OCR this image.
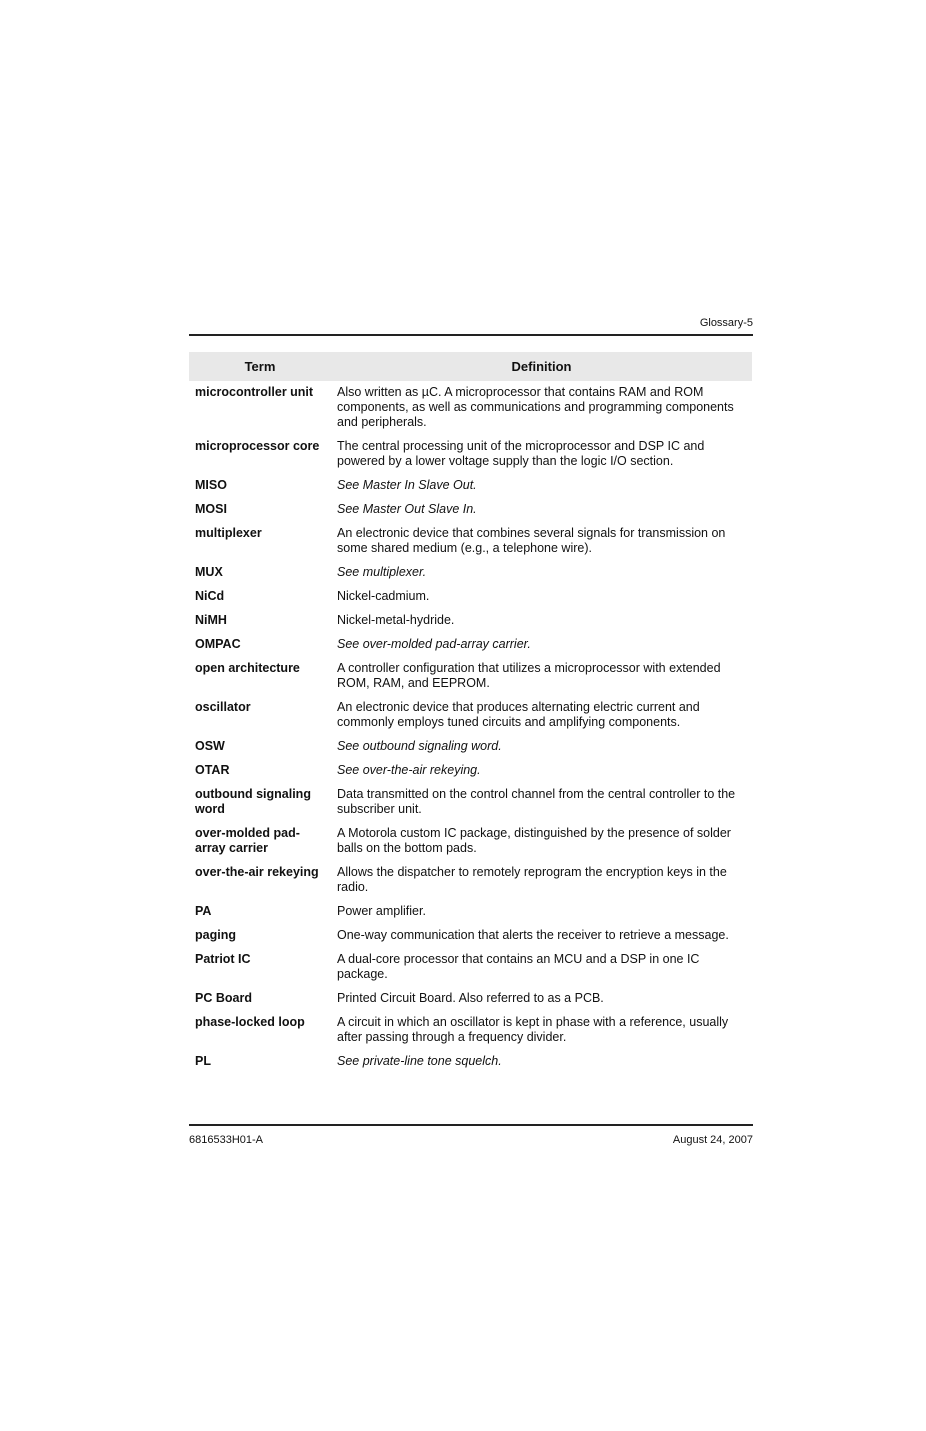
Glossary-5
Term	Definition
microcontroller unit	Also written as µC. A microprocessor that contains RAM and ROM components, as well as communications and programming components and peripherals.
microprocessor core	The central processing unit of the microprocessor and DSP IC and powered by a lower voltage supply than the logic I/O section.
MISO	See Master In Slave Out.
MOSI	See Master Out Slave In.
multiplexer	An electronic device that combines several signals for transmission on some shared medium (e.g., a telephone wire).
MUX	See multiplexer.
NiCd	Nickel-cadmium.
NiMH	Nickel-metal-hydride.
OMPAC	See over-molded pad-array carrier.
open architecture	A controller configuration that utilizes a microprocessor with extended ROM, RAM, and EEPROM.
oscillator	An electronic device that produces alternating electric current and commonly employs tuned circuits and amplifying components.
OSW	See outbound signaling word.
OTAR	See over-the-air rekeying.
outbound signaling word	Data transmitted on the control channel from the central controller to the subscriber unit.
over-molded pad-array carrier	A Motorola custom IC package, distinguished by the presence of solder balls on the bottom pads.
over-the-air rekeying	Allows the dispatcher to remotely reprogram the encryption keys in the radio.
PA	Power amplifier.
paging	One-way communication that alerts the receiver to retrieve a message.
Patriot IC	A dual-core processor that contains an MCU and a DSP in one IC package.
PC Board	Printed Circuit Board. Also referred to as a PCB.
phase-locked loop	A circuit in which an oscillator is kept in phase with a reference, usually after passing through a frequency divider.
PL	See private-line tone squelch.
6816533H01-A	August 24, 2007
